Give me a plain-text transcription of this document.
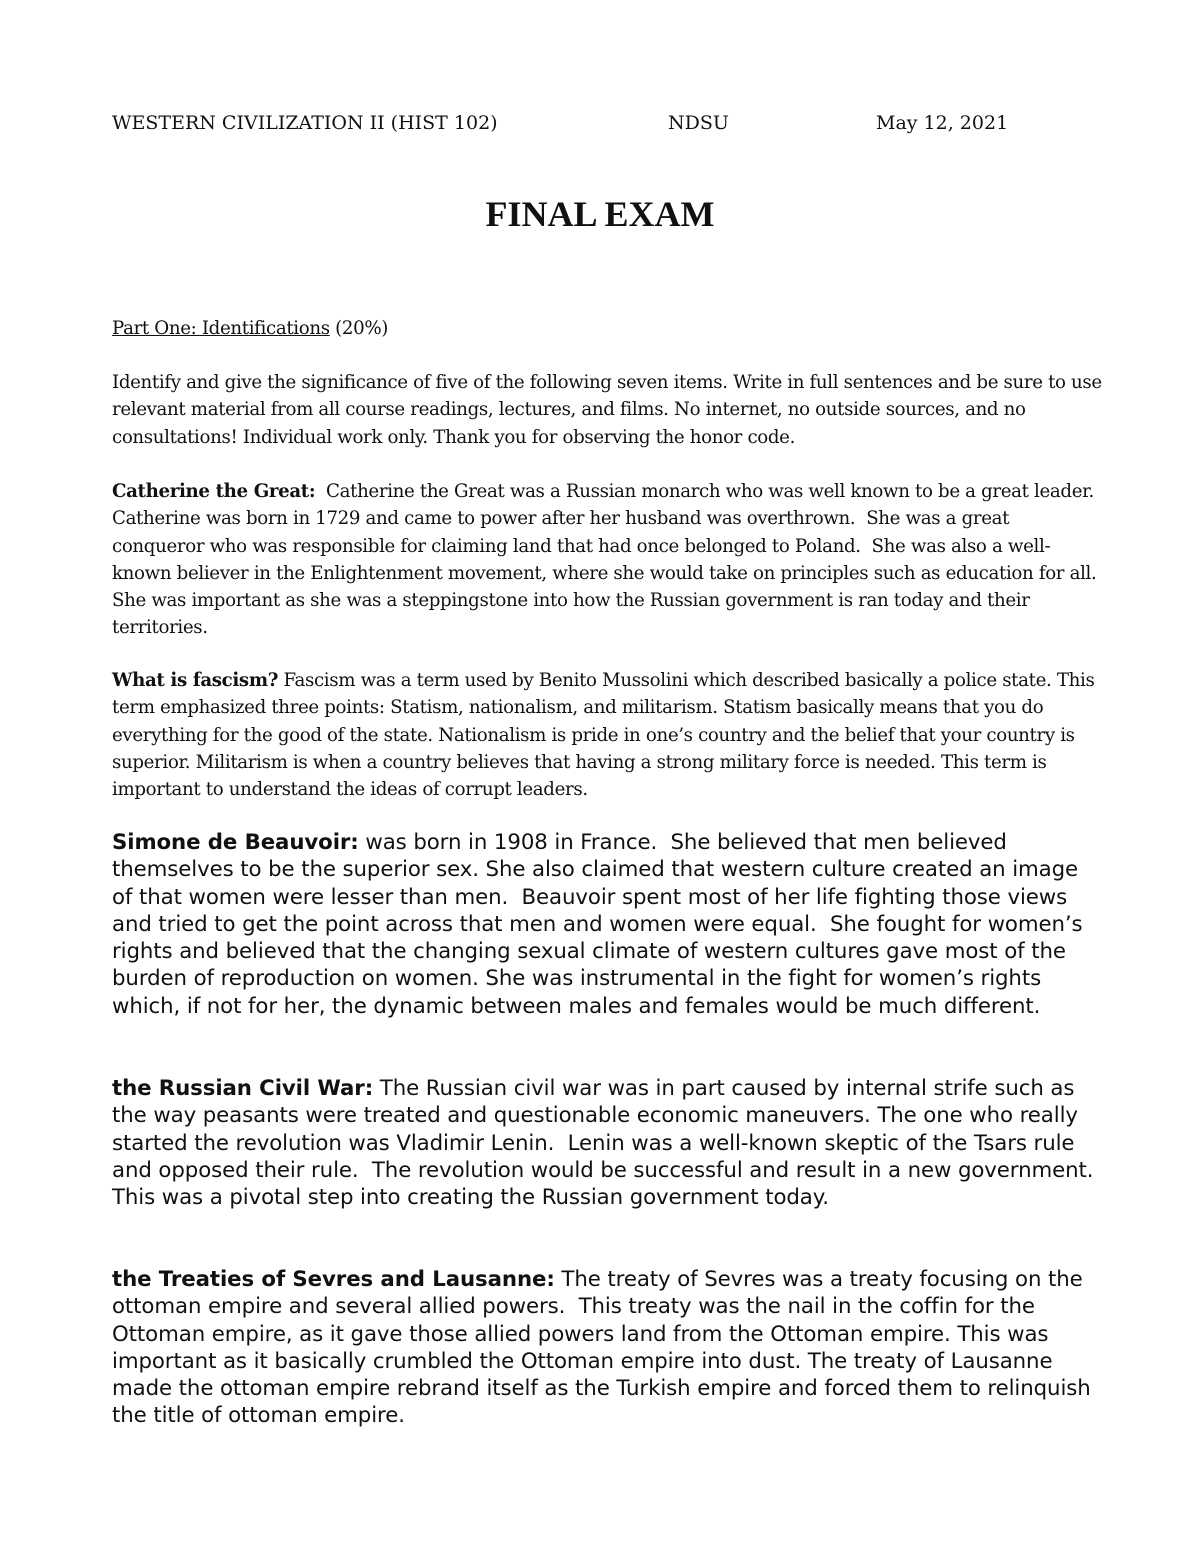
WESTERN CIVILIZATION II (HIST 102)	NDSU	May 12, 2021
FINAL EXAM
Part One: Identifications (20%)
Identify and give the significance of five of the following seven items. Write in full sentences and be sure to use relevant material from all course readings, lectures, and films. No internet, no outside sources, and no consultations! Individual work only. Thank you for observing the honor code.
Catherine the Great:  Catherine the Great was a Russian monarch who was well known to be a great leader.  Catherine was born in 1729 and came to power after her husband was overthrown.  She was a great conqueror who was responsible for claiming land that had once belonged to Poland.  She was also a well-known believer in the Enlightenment movement, where she would take on principles such as education for all. She was important as she was a steppingstone into how the Russian government is ran today and their territories.
What is fascism? Fascism was a term used by Benito Mussolini which described basically a police state. This term emphasized three points: Statism, nationalism, and militarism. Statism basically means that you do everything for the good of the state. Nationalism is pride in one’s country and the belief that your country is superior. Militarism is when a country believes that having a strong military force is needed. This term is important to understand the ideas of corrupt leaders.
Simone de Beauvoir: was born in 1908 in France.  She believed that men believed themselves to be the superior sex. She also claimed that western culture created an image of that women were lesser than men.  Beauvoir spent most of her life fighting those views and tried to get the point across that men and women were equal.  She fought for women’s rights and believed that the changing sexual climate of western cultures gave most of the burden of reproduction on women. She was instrumental in the fight for women’s rights which, if not for her, the dynamic between males and females would be much different.
the Russian Civil War: The Russian civil war was in part caused by internal strife such as the way peasants were treated and questionable economic maneuvers. The one who really started the revolution was Vladimir Lenin.  Lenin was a well-known skeptic of the Tsars rule and opposed their rule.  The revolution would be successful and result in a new government.  This was a pivotal step into creating the Russian government today.
the Treaties of Sevres and Lausanne: The treaty of Sevres was a treaty focusing on the ottoman empire and several allied powers.  This treaty was the nail in the coffin for the Ottoman empire, as it gave those allied powers land from the Ottoman empire. This was important as it basically crumbled the Ottoman empire into dust. The treaty of Lausanne made the ottoman empire rebrand itself as the Turkish empire and forced them to relinquish the title of ottoman empire.
